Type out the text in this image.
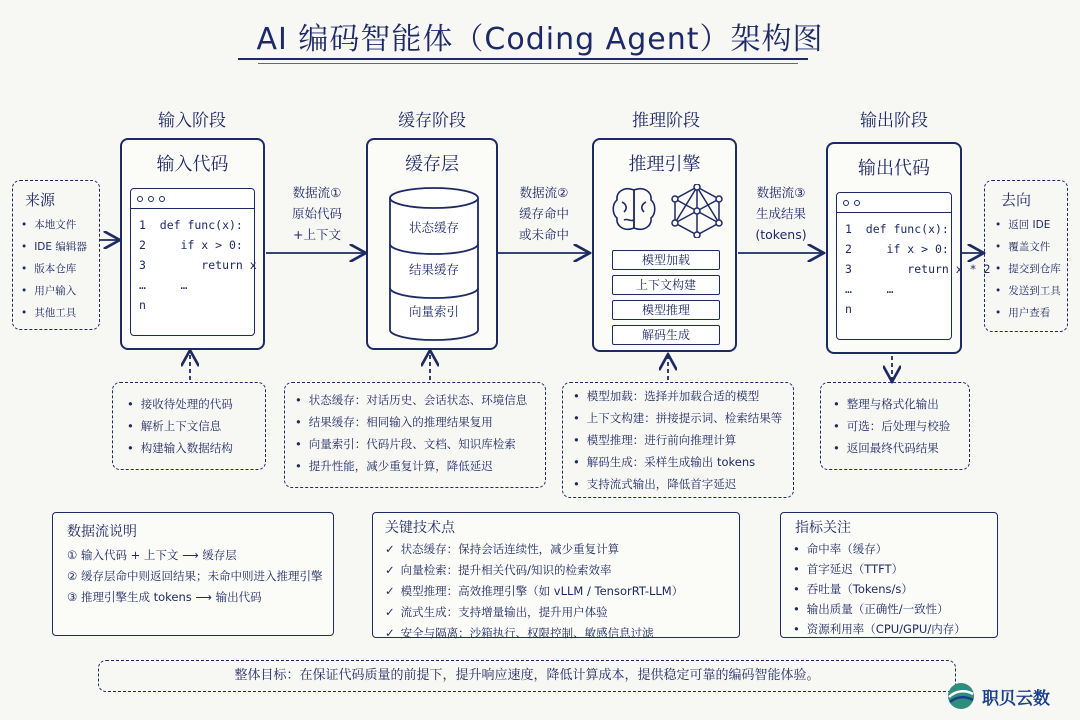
AI 编码智能体（Coding Agent）架构图
来源
• 本地文件
• IDE 编辑器
• 版本仓库
• 用户输入
• 其他工具
输入阶段	缓存阶段	推理阶段	输出阶段
输入代码
1  def func(x):
2     if x > 0:
3        return x
…     …
n
数据流①
原始代码
+上下文
数据流②
缓存命中
或未命中
数据流③
生成结果
(tokens)
缓存层
状态缓存
结果缓存
向量索引
推理引擎
模型加载
上下文构建
模型推理
解码生成
输出代码
1  def func(x):
2     if x > 0:
3        return x * 2
…     …
n
去向
• 返回 IDE
• 覆盖文件
• 提交到仓库
• 发送到工具
• 用户查看
• 接收待处理的代码
• 解析上下文信息
• 构建输入数据结构
• 状态缓存：对话历史、会话状态、环境信息
• 结果缓存：相同输入的推理结果复用
• 向量索引：代码片段、文档、知识库检索
• 提升性能，减少重复计算，降低延迟
• 模型加载：选择并加载合适的模型
• 上下文构建：拼接提示词、检索结果等
• 模型推理：进行前向推理计算
• 解码生成：采样生成输出 tokens
• 支持流式输出，降低首字延迟
• 整理与格式化输出
• 可选：后处理与校验
• 返回最终代码结果
数据流说明
① 输入代码 + 上下文 ⟶ 缓存层
② 缓存层命中则返回结果；未命中则进入推理引擎
③ 推理引擎生成 tokens ⟶ 输出代码
关键技术点
✓ 状态缓存：保持会话连续性，减少重复计算
✓ 向量检索：提升相关代码/知识的检索效率
✓ 模型推理：高效推理引擎（如 vLLM / TensorRT-LLM）
✓ 流式生成：支持增量输出，提升用户体验
✓ 安全与隔离：沙箱执行、权限控制、敏感信息过滤
指标关注
• 命中率（缓存）
• 首字延迟（TTFT）
• 吞吐量（Tokens/s）
• 输出质量（正确性/一致性）
• 资源利用率（CPU/GPU/内存）
整体目标：在保证代码质量的前提下，提升响应速度，降低计算成本，提供稳定可靠的编码智能体验。
职贝云数
